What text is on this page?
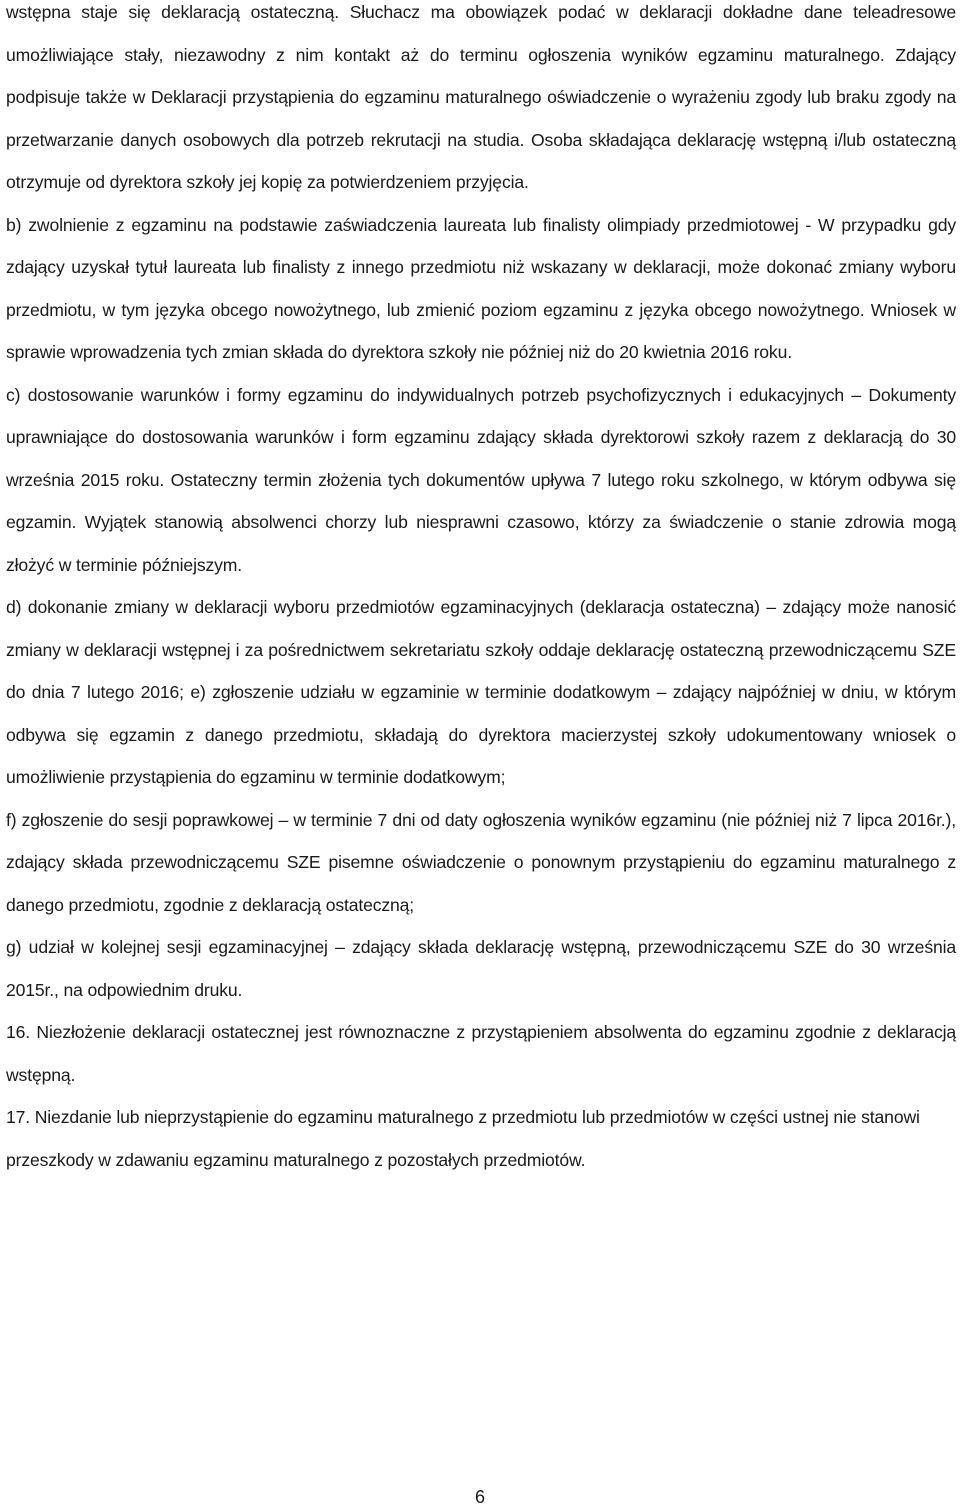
wstępna staje się deklaracją ostateczną. Słuchacz ma obowiązek podać w deklaracji dokładne dane teleadresowe umożliwiające stały, niezawodny z nim kontakt aż do terminu ogłoszenia wyników egzaminu maturalnego. Zdający podpisuje także w Deklaracji przystąpienia do egzaminu maturalnego oświadczenie o wyrażeniu zgody lub braku zgody na przetwarzanie danych osobowych dla potrzeb rekrutacji na studia. Osoba składająca deklarację wstępną i/lub ostateczną otrzymuje od dyrektora szkoły jej kopię za potwierdzeniem przyjęcia.

b) zwolnienie z egzaminu na podstawie zaświadczenia laureata lub finalisty olimpiady przedmiotowej - W przypadku gdy zdający uzyskał tytuł laureata lub finalisty z innego przedmiotu niż wskazany w deklaracji, może dokonać zmiany wyboru przedmiotu, w tym języka obcego nowożytnego, lub zmienić poziom egzaminu z języka obcego nowożytnego. Wniosek w sprawie wprowadzenia tych zmian składa do dyrektora szkoły nie później niż do 20 kwietnia 2016 roku.

c) dostosowanie warunków i formy egzaminu do indywidualnych potrzeb psychofizycznych i edukacyjnych – Dokumenty uprawniające do dostosowania warunków i form egzaminu zdający składa dyrektorowi szkoły razem z deklaracją do 30 września 2015 roku. Ostateczny termin złożenia tych dokumentów upływa 7 lutego roku szkolnego, w którym odbywa się egzamin. Wyjątek stanowią absolwenci chorzy lub niesprawni czasowo, którzy za świadczenie o stanie zdrowia mogą złożyć w terminie późniejszym.

d) dokonanie zmiany w deklaracji wyboru przedmiotów egzaminacyjnych (deklaracja ostateczna) – zdający może nanosić zmiany w deklaracji wstępnej i za pośrednictwem sekretariatu szkoły oddaje deklarację ostateczną przewodniczącemu SZE do dnia 7 lutego 2016; e) zgłoszenie udziału w egzaminie w terminie dodatkowym – zdający najpóźniej w dniu, w którym odbywa się egzamin z danego przedmiotu, składają do dyrektora macierzystej szkoły udokumentowany wniosek o umożliwienie przystąpienia do egzaminu w terminie dodatkowym;

f) zgłoszenie do sesji poprawkowej – w terminie 7 dni od daty ogłoszenia wyników egzaminu (nie później niż 7 lipca 2016r.), zdający składa przewodniczącemu SZE pisemne oświadczenie o ponownym przystąpieniu do egzaminu maturalnego z danego przedmiotu, zgodnie z deklaracją ostateczną;

g) udział w kolejnej sesji egzaminacyjnej – zdający składa deklarację wstępną, przewodniczącemu SZE do 30 września 2015r., na odpowiednim druku.

16. Niezłożenie deklaracji ostatecznej jest równoznaczne z przystąpieniem absolwenta do egzaminu zgodnie z deklaracją wstępną.

17. Niezdanie lub nieprzystąpienie do egzaminu maturalnego z przedmiotu lub przedmiotów w części ustnej nie stanowi przeszkody w zdawaniu egzaminu maturalnego z pozostałych przedmiotów.

6
